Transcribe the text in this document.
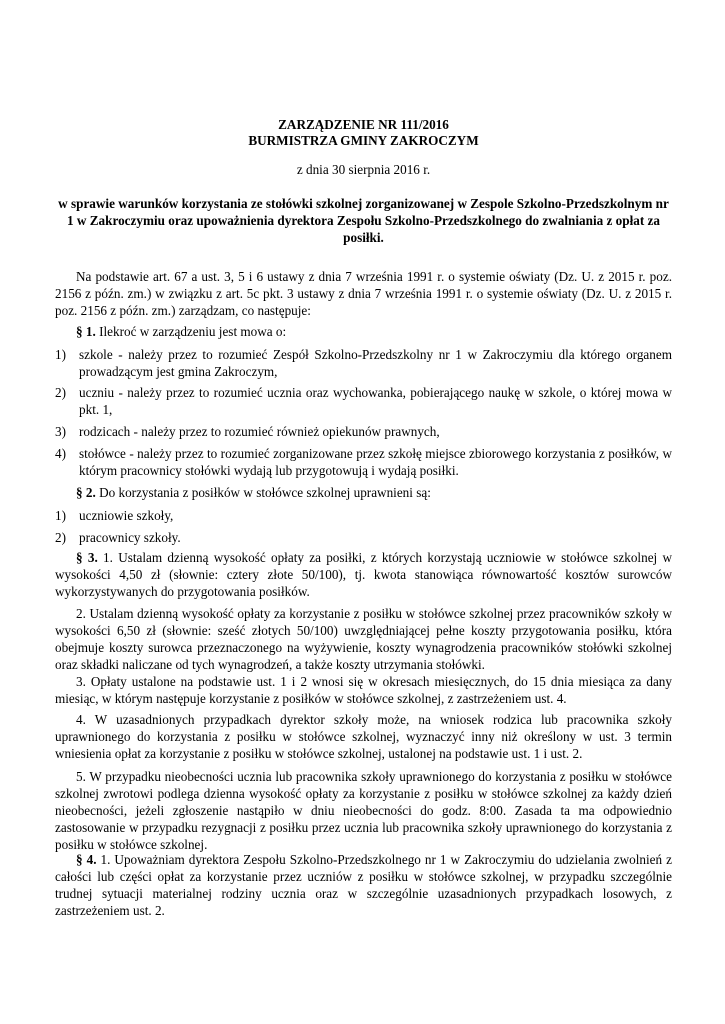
ZARZĄDZENIE NR 111/2016
BURMISTRZA GMINY ZAKROCZYM
z dnia 30 sierpnia 2016 r.
w sprawie warunków korzystania ze stołówki szkolnej zorganizowanej w Zespole Szkolno-Przedszkolnym nr 1 w Zakroczymiu oraz upoważnienia dyrektora Zespołu Szkolno-Przedszkolnego do zwalniania z opłat za posiłki.

Na podstawie art. 67 a ust. 3, 5 i 6 ustawy z dnia 7 września 1991 r. o systemie oświaty (Dz. U. z 2015 r. poz. 2156 z późn. zm.) w związku z art. 5c pkt. 3 ustawy z dnia 7 września 1991 r. o systemie oświaty (Dz. U. z 2015 r. poz. 2156 z późn. zm.) zarządzam, co następuje:

§ 1. Ilekroć w zarządzeniu jest mowa o:

1) szkole - należy przez to rozumieć Zespół Szkolno-Przedszkolny nr 1 w Zakroczymiu dla którego organem prowadzącym jest gmina Zakroczym,
2) uczniu - należy przez to rozumieć ucznia oraz wychowanka, pobierającego naukę w szkole, o której mowa w pkt. 1,
3) rodzicach - należy przez to rozumieć również opiekunów prawnych,
4) stołówce - należy przez to rozumieć zorganizowane przez szkołę miejsce zbiorowego korzystania z posiłków, w którym pracownicy stołówki wydają lub przygotowują i wydają posiłki.

§ 2. Do korzystania z posiłków w stołówce szkolnej uprawnieni są:

1) uczniowie szkoły,
2) pracownicy szkoły.

§ 3. 1. Ustalam dzienną wysokość opłaty za posiłki, z których korzystają uczniowie w stołówce szkolnej w wysokości 4,50 zł (słownie: cztery złote 50/100), tj. kwota stanowiąca równowartość kosztów surowców wykorzystywanych do przygotowania posiłków.

2. Ustalam dzienną wysokość opłaty za korzystanie z posiłku w stołówce szkolnej przez pracowników szkoły w wysokości 6,50 zł (słownie: sześć złotych 50/100) uwzględniającej pełne koszty przygotowania posiłku, która obejmuje koszty surowca przeznaczonego na wyżywienie, koszty wynagrodzenia pracowników stołówki szkolnej oraz składki naliczane od tych wynagrodzeń, a także koszty utrzymania stołówki.

3. Opłaty ustalone na podstawie ust. 1 i 2 wnosi się w okresach miesięcznych, do 15 dnia miesiąca za dany miesiąc, w którym następuje korzystanie z posiłków w stołówce szkolnej, z zastrzeżeniem ust. 4.

4. W uzasadnionych przypadkach dyrektor szkoły może, na wniosek rodzica lub pracownika szkoły uprawnionego do korzystania z posiłku w stołówce szkolnej, wyznaczyć inny niż określony w ust. 3 termin wniesienia opłat za korzystanie z posiłku w stołówce szkolnej, ustalonej na podstawie ust. 1 i ust. 2.

5. W przypadku nieobecności ucznia lub pracownika szkoły uprawnionego do korzystania z posiłku w stołówce szkolnej zwrotowi podlega dzienna wysokość opłaty za korzystanie z posiłku w stołówce szkolnej za każdy dzień nieobecności, jeżeli zgłoszenie nastąpiło w dniu nieobecności do godz. 8:00. Zasada ta ma odpowiednio zastosowanie w przypadku rezygnacji z posiłku przez ucznia lub pracownika szkoły uprawnionego do korzystania z posiłku w stołówce szkolnej.

§ 4. 1. Upoważniam dyrektora Zespołu Szkolno-Przedszkolnego nr 1 w Zakroczymiu do udzielania zwolnień z całości lub części opłat za korzystanie przez uczniów z posiłku w stołówce szkolnej, w przypadku szczególnie trudnej sytuacji materialnej rodziny ucznia oraz w szczególnie uzasadnionych przypadkach losowych, z zastrzeżeniem ust. 2.
